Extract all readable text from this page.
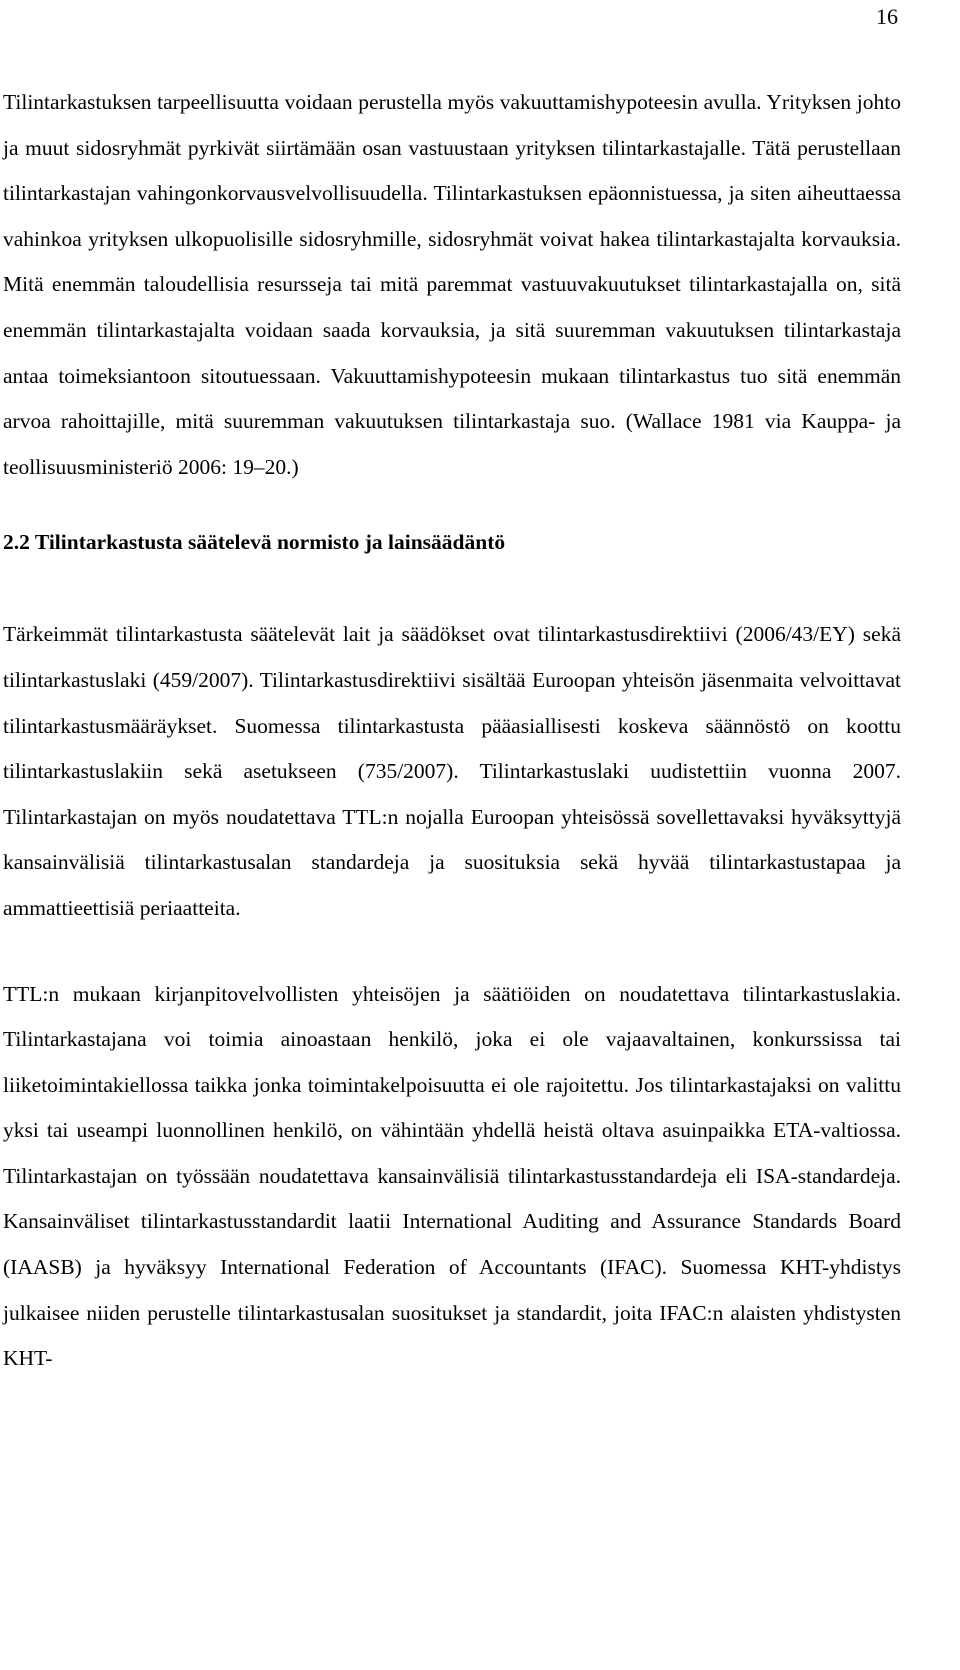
16

Tilintarkastuksen tarpeellisuutta voidaan perustella myös vakuuttamishypoteesin avulla. Yrityksen johto ja muut sidosryhmät pyrkivät siirtämään osan vastuustaan yrityksen tilintarkastajalle. Tätä perustellaan tilintarkastajan vahingonkorvausvelvollisuudella. Tilintarkastuksen epäonnistuessa, ja siten aiheuttaessa vahinkoa yrityksen ulkopuolisille sidosryhmille, sidosryhmät voivat hakea tilintarkastajalta korvauksia. Mitä enemmän taloudellisia resursseja tai mitä paremmat vastuuvakuutukset tilintarkastajalla on, sitä enemmän tilintarkastajalta voidaan saada korvauksia, ja sitä suuremman vakuutuksen tilintarkastaja antaa toimeksiantoon sitoutuessaan. Vakuuttamishypoteesin mukaan tilintarkastus tuo sitä enemmän arvoa rahoittajille, mitä suuremman vakuutuksen tilintarkastaja suo. (Wallace 1981 via Kauppa- ja teollisuusministeriö 2006: 19–20.)

2.2 Tilintarkastusta säätelevä normisto ja lainsäädäntö

Tärkeimmät tilintarkastusta säätelevät lait ja säädökset ovat tilintarkastusdirektiivi (2006/43/EY) sekä tilintarkastuslaki (459/2007). Tilintarkastusdirektiivi sisältää Euroopan yhteisön jäsenmaita velvoittavat tilintarkastusmääräykset. Suomessa tilintarkastusta pääasiallisesti koskeva säännöstö on koottu tilintarkastuslakiin sekä asetukseen (735/2007). Tilintarkastuslaki uudistettiin vuonna 2007. Tilintarkastajan on myös noudatettava TTL:n nojalla Euroopan yhteisössä sovellettavaksi hyväksyttyjä kansainvälisiä tilintarkastusalan standardeja ja suosituksia sekä hyvää tilintarkastustapaa ja ammattieettisiä periaatteita.

TTL:n mukaan kirjanpitovelvollisten yhteisöjen ja säätiöiden on noudatettava tilintarkastuslakia. Tilintarkastajana voi toimia ainoastaan henkilö, joka ei ole vajaavaltainen, konkurssissa tai liiketoimintakiellossa taikka jonka toimintakelpoisuutta ei ole rajoitettu. Jos tilintarkastajaksi on valittu yksi tai useampi luonnollinen henkilö, on vähintään yhdellä heistä oltava asuinpaikka ETA-valtiossa. Tilintarkastajan on työssään noudatettava kansainvälisiä tilintarkastusstandardeja eli ISA-standardeja. Kansainväliset tilintarkastusstandardit laatii International Auditing and Assurance Standards Board (IAASB) ja hyväksyy International Federation of Accountants (IFAC). Suomessa KHT-yhdistys julkaisee niiden perustelle tilintarkastusalan suositukset ja standardit, joita IFAC:n alaisten yhdistysten KHT-
